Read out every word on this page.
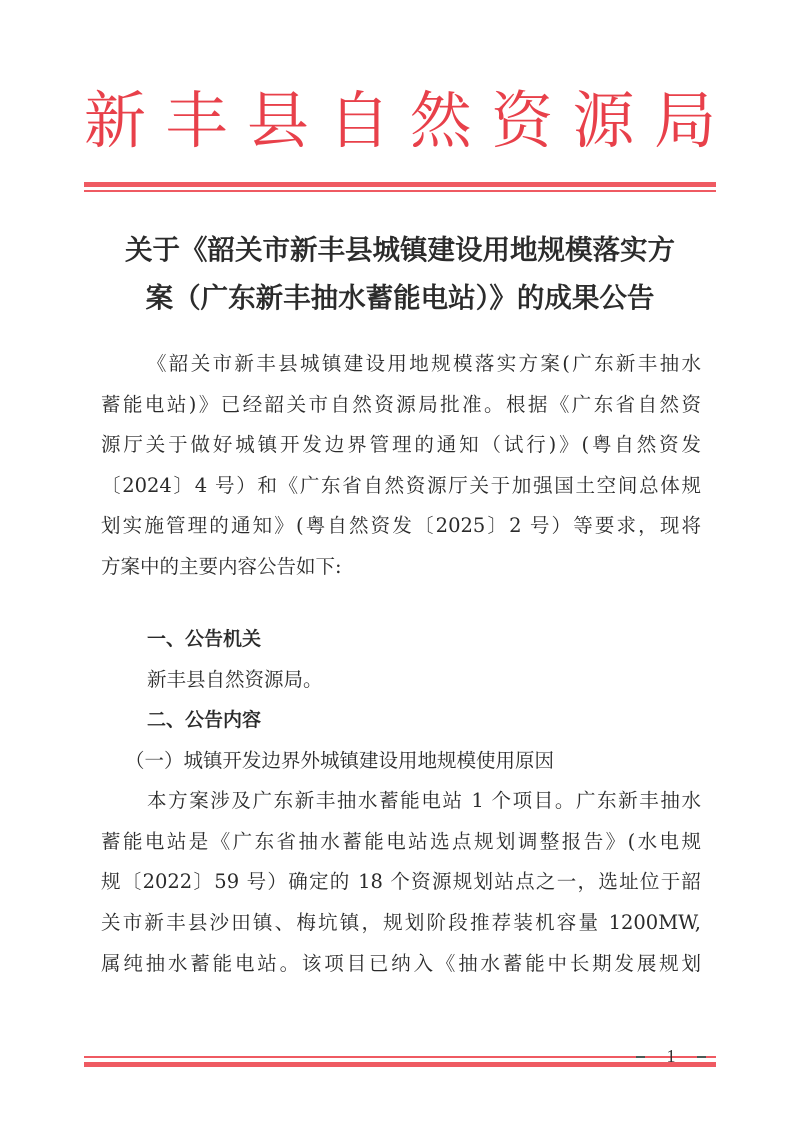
新 丰 县 自 然 资 源 局
关于《韶关市新丰县城镇建设用地规模落实方
案（广东新丰抽水蓄能电站）》的成果公告

《韶关市新丰县城镇建设用地规模落实方案(广东新丰抽水
蓄能电站)》已经韶关市自然资源局批准。根据《广东省自然资
源厅关于做好城镇开发边界管理的通知（试行)》(粤自然资发
〔2024〕4 号）和《广东省自然资源厅关于加强国土空间总体规
划实施管理的通知》(粤自然资发〔2025〕2 号）等要求，现将
方案中的主要内容公告如下:

一、公告机关
新丰县自然资源局。

二、公告内容
（一）城镇开发边界外城镇建设用地规模使用原因
本方案涉及广东新丰抽水蓄能电站 1 个项目。广东新丰抽水
蓄能电站是《广东省抽水蓄能电站选点规划调整报告》(水电规
规〔2022〕59 号）确定的 18 个资源规划站点之一，选址位于韶
关市新丰县沙田镇、梅坑镇，规划阶段推荐装机容量 1200MW,
属纯抽水蓄能电站。该项目已纳入《抽水蓄能中长期发展规划

1
